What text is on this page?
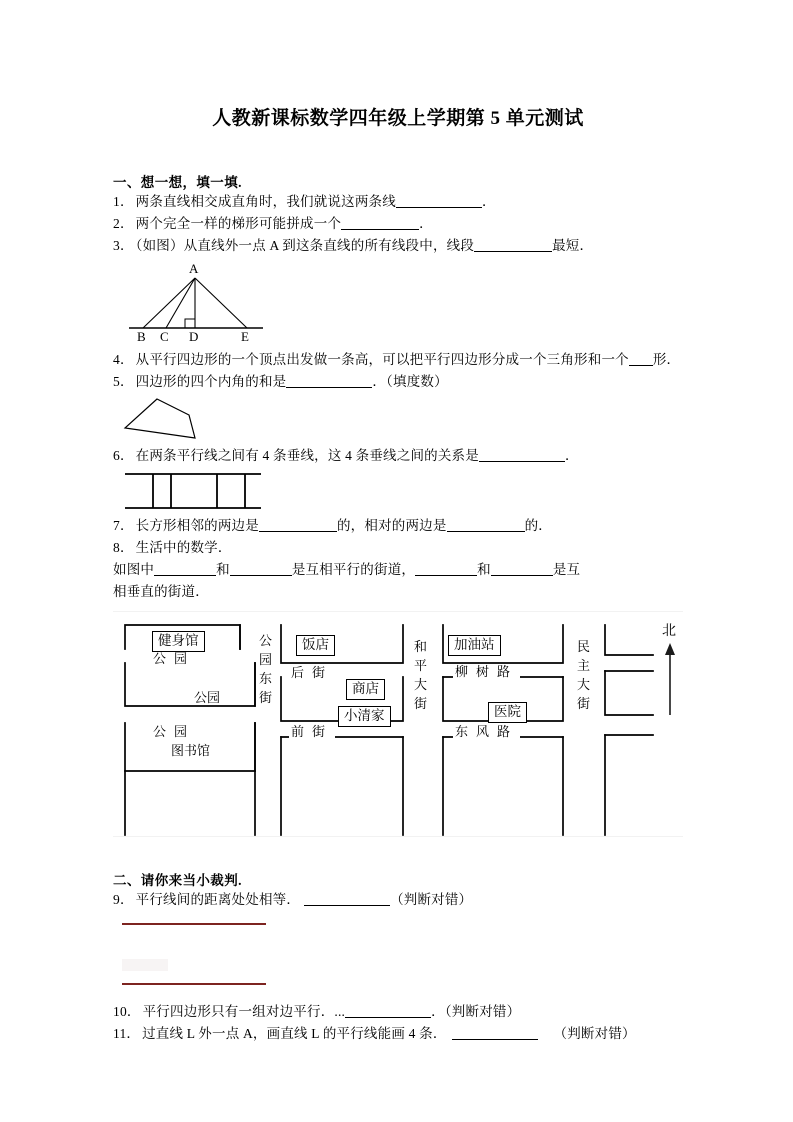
人教新课标数学四年级上学期第 5 单元测试
一、想一想，填一填.
1． 两条直线相交成直角时，我们就说这两条线	．
2． 两个完全一样的梯形可能拼成一个	．
3． （如图）从直线外一点 A 到这条直线的所有线段中，线段	最短．
A
B C D	E
4． 从平行四边形的一个顶点出发做一条高，可以把平行四边形分成一个三角形和一个 形．
5． 四边形的四个内角的和是	．（填度数）
6． 在两条平行线之间有 4 条垂线，这 4 条垂线之间的关系是	．
7． 长方形相邻的两边是	的，相对的两边是	的．
8． 生活中的数学．
如图中	和	是互相平行的街道，	和	是互
相垂直的街道．
健身馆	饭店	加油站
商店
小清家	医院
公园
图书馆
公园
公园
后街
前街
柳树路
东风路
公
园
东
街
和
平
大
街
民
主
大
街
北
二、请你来当小裁判.
9． 平行线间的距离处处相等．	（判断对错）
10． 平行四边形只有一组对边平行．...	．（判断对错）
11． 过直线 L 外一点 A，画直线 L 的平行线能画 4 条．	（判断对错）
